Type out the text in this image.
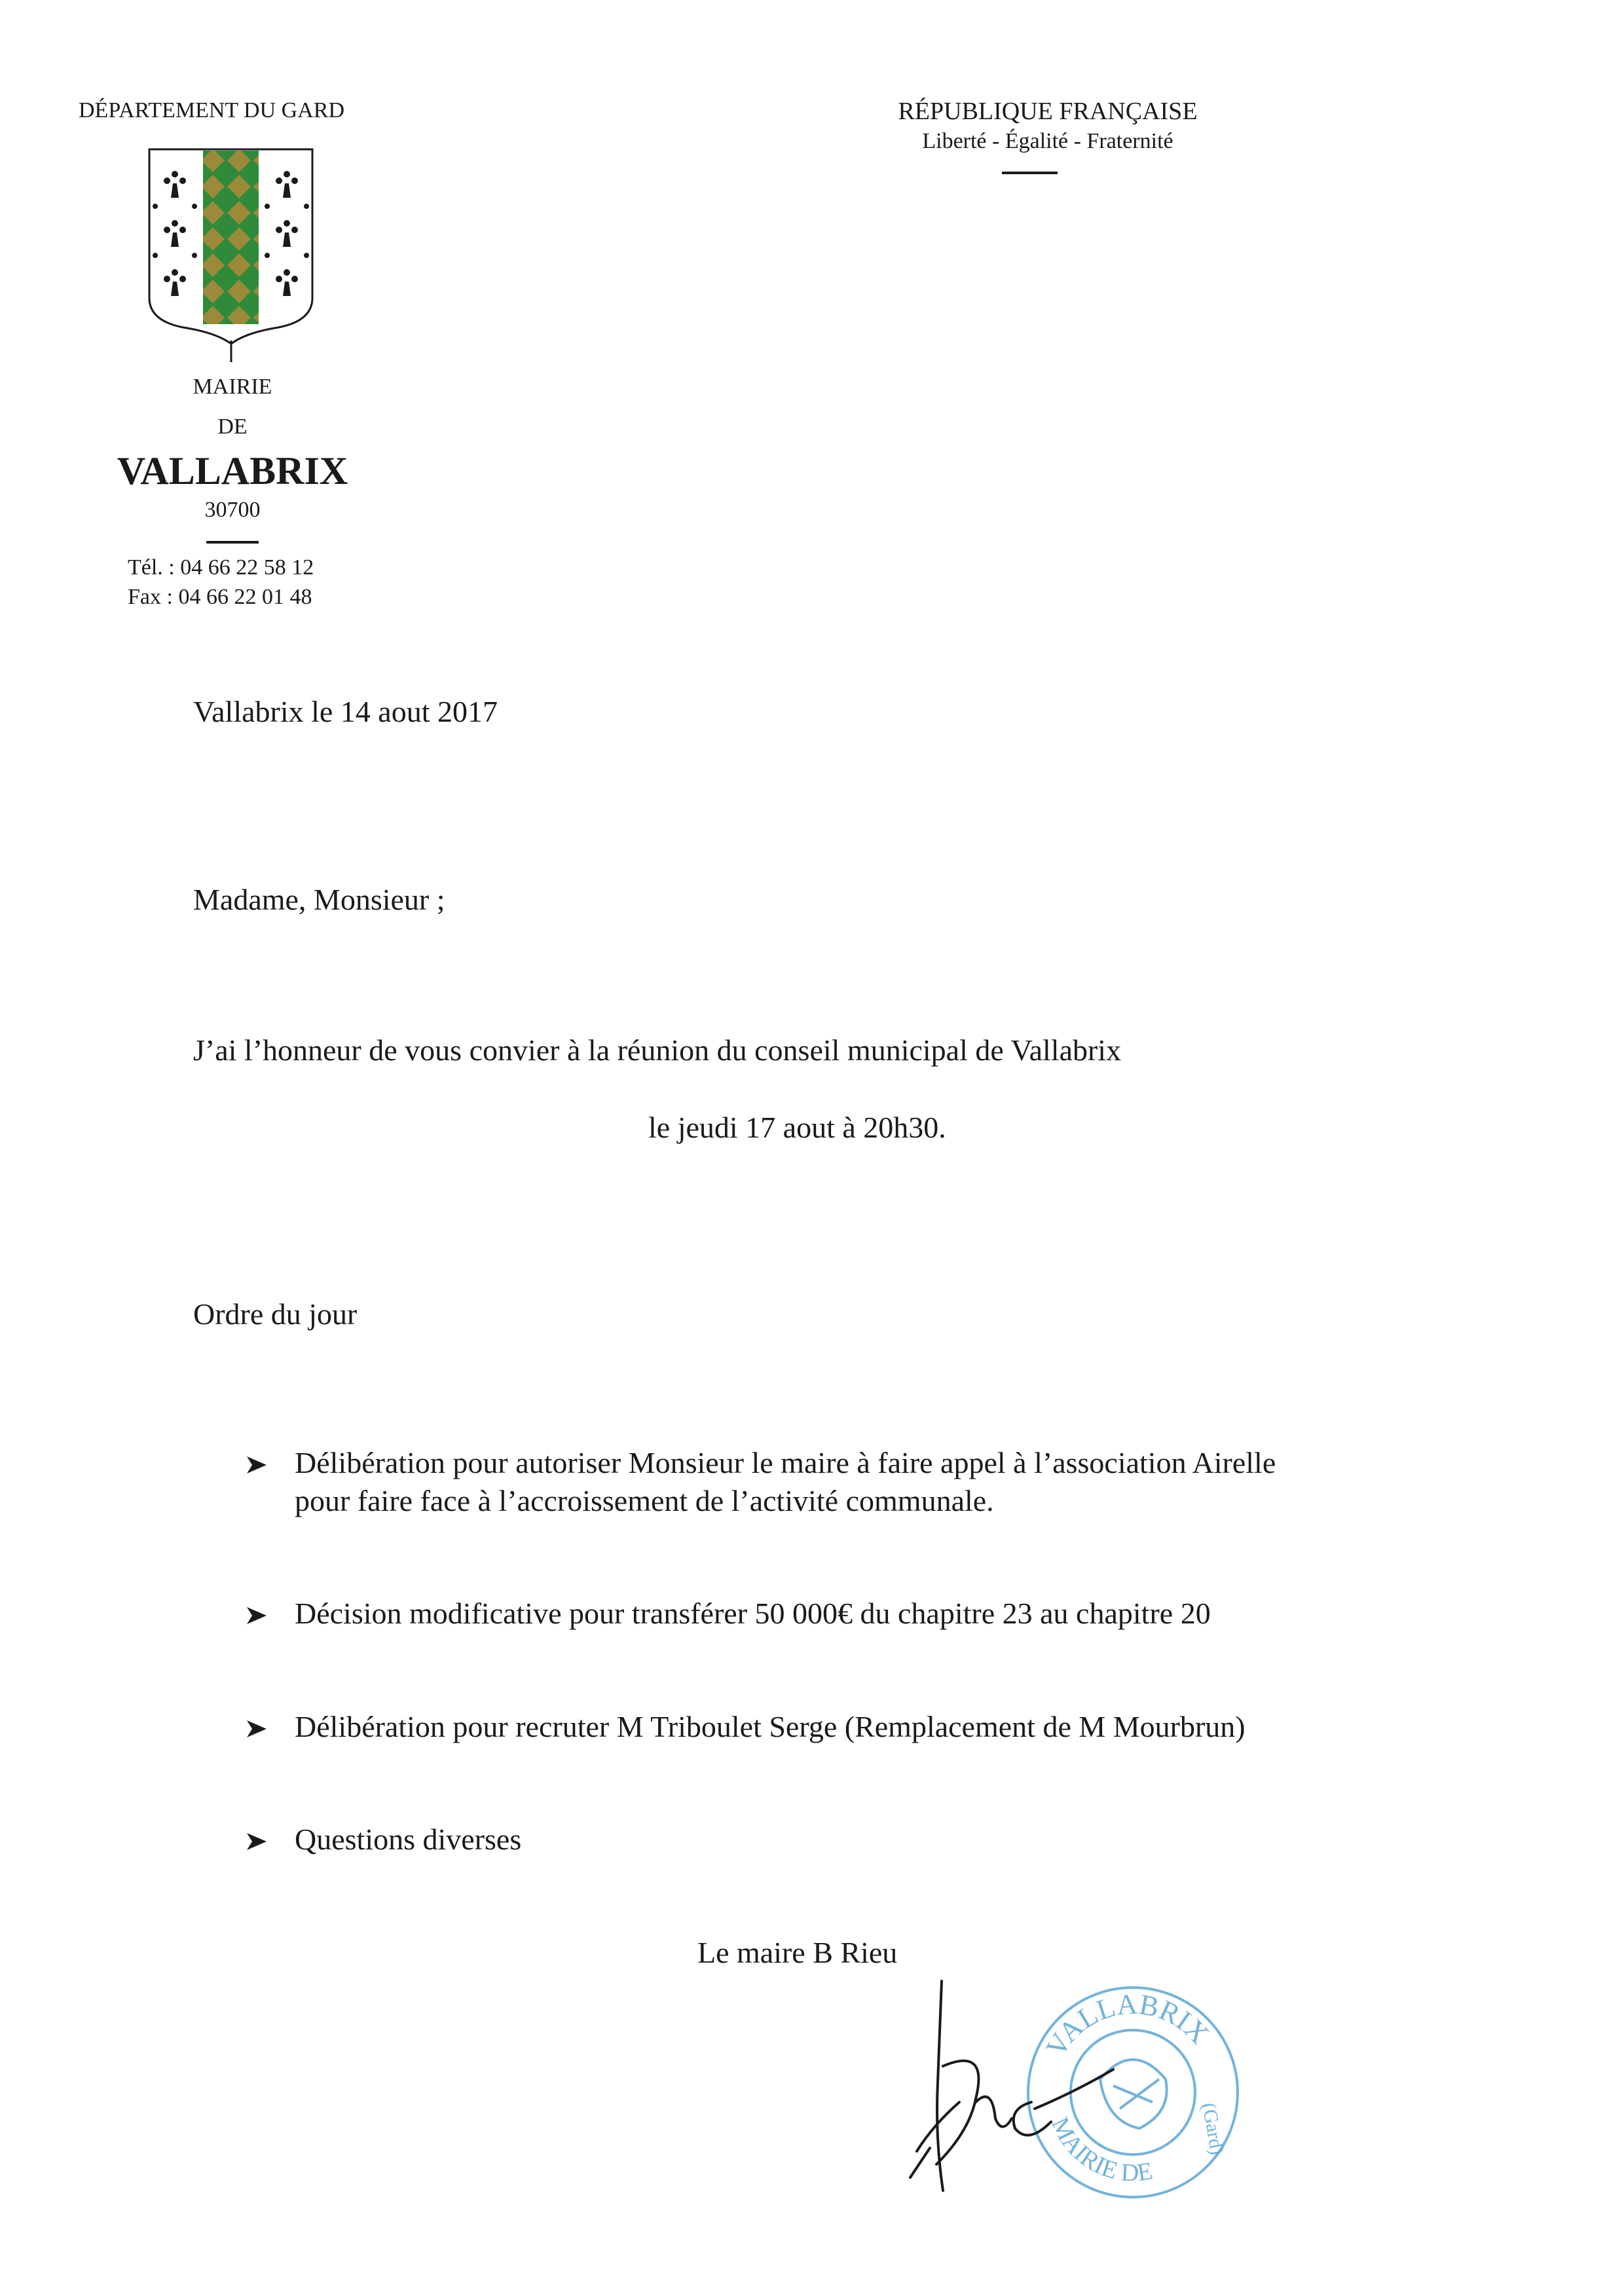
DÉPARTEMENT DU GARD
MAIRIE
DE
VALLABRIX
30700
Tél. : 04 66 22 58 12
Fax : 04 66 22 01 48
RÉPUBLIQUE FRANÇAISE
Liberté - Égalité - Fraternité
Vallabrix le 14 aout 2017
Madame, Monsieur ;
J’ai l’honneur de vous convier à la réunion du conseil municipal de Vallabrix
le jeudi 17 aout à 20h30.
Ordre du jour
Délibération pour autoriser Monsieur le maire à faire appel à l’association Airelle
pour faire face à l’accroissement de l’activité communale.
Décision modificative pour transférer 50 000€ du chapitre 23 au chapitre 20
Délibération pour recruter M Triboulet Serge (Remplacement de M Mourbrun)
Questions diverses
Le maire B Rieu
VALLABRIX
MAIRIE DE
(Gard)
